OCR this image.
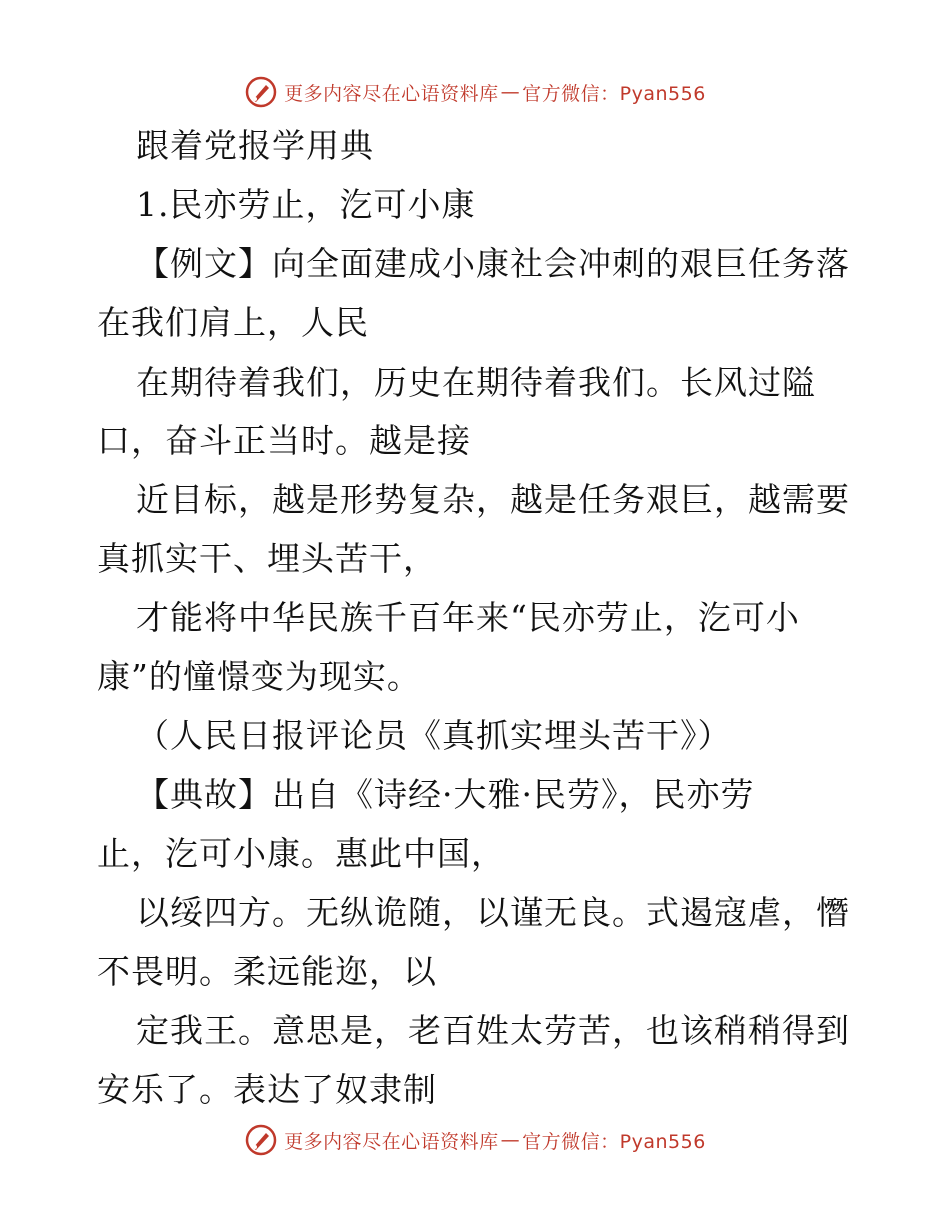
更多内容尽在心语资料库 — 官方微信：Pyan556
跟着党报学用典
1.民亦劳止，汔可小康
【例文】向全面建成小康社会冲刺的艰巨任务落
在我们肩上，人民
在期待着我们，历史在期待着我们。长风过隘
口，奋斗正当时。越是接
近目标，越是形势复杂，越是任务艰巨，越需要
真抓实干、埋头苦干，
才能将中华民族千百年来“民亦劳止，汔可小
康”的憧憬变为现实。
（人民日报评论员《真抓实埋头苦干》）
【典故】出自《诗经·大雅·民劳》，民亦劳
止，汔可小康。惠此中国，
以绥四方。无纵诡随，以谨无良。式遏寇虐，憯
不畏明。柔远能迩，以
定我王。意思是，老百姓太劳苦，也该稍稍得到
安乐了。表达了奴隶制
更多内容尽在心语资料库 — 官方微信：Pyan556
